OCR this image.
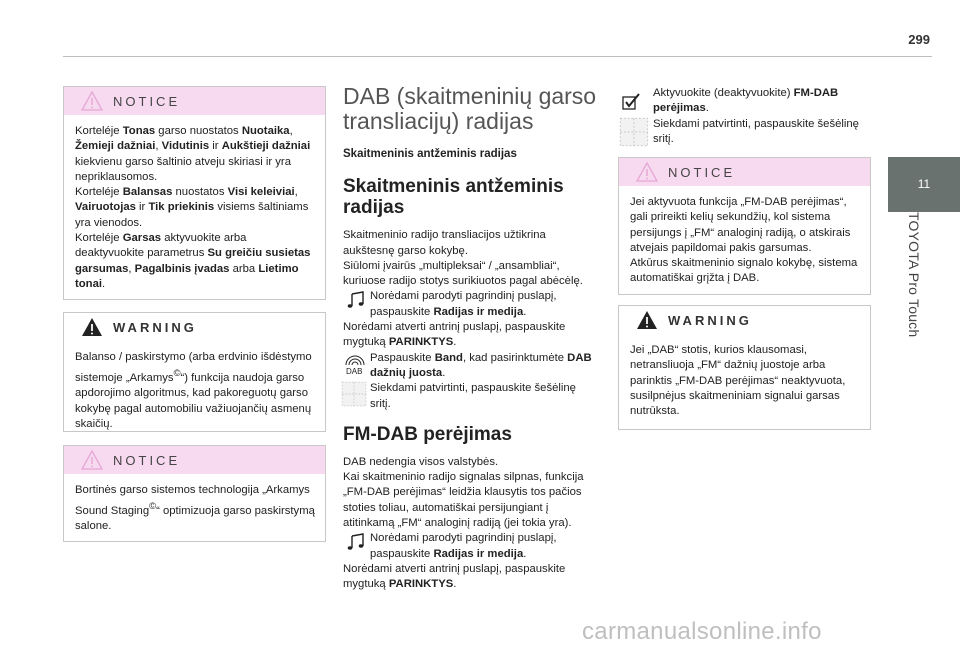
299
11
TOYOTA Pro Touch
NOTICE
Korteléje Tonas garso nuostatos Nuotaika, Žemieji dažniai, Vidutinis ir Aukštieji dažniai kiekvienu garso šaltinio atveju skiriasi ir yra nepriklausomos.
Korteléje Balansas nuostatos Visi keleiviai, Vairuotojas ir Tik priekinis visiems šaltiniams yra vienodos.
Korteléje Garsas aktyvuokite arba deaktyvuokite parametrus Su greičiu susietas garsumas, Pagalbinis įvadas arba Lietimo tonai.
WARNING
Balanso / paskirstymo (arba erdvinio išdėstymo sistemoje „Arkamys©“) funkcija naudoja garso apdorojimo algoritmus, kad pakoreguotų garso kokybę pagal automobiliu važiuojančių asmenų skaičių.
NOTICE
Bortinės garso sistemos technologija „Arkamys Sound Staging©“ optimizuoja garso paskirstymą salone.
DAB (skaitmeninių garso transliacijų) radijas
Skaitmeninis antžeminis radijas
Skaitmeninis antžeminis radijas
Skaitmeninio radijo transliacijos užtikrina aukštesnę garso kokybę.
Siūlomi įvairūs „multipleksai“ / „ansambliai“, kuriuose radijo stotys surikiuotos pagal abėcėlę.
Norėdami parodyti pagrindinį puslapį, paspauskite Radijas ir medija.
Norėdami atverti antrinį puslapį, paspauskite mygtuką PARINKTYS.
DAB
Paspauskite Band, kad pasirinktumėte DAB dažnių juosta.
Siekdami patvirtinti, paspauskite šešėlinę sritį.
FM-DAB perėjimas
DAB nedengia visos valstybės.
Kai skaitmeninio radijo signalas silpnas, funkcija „FM-DAB perėjimas“ leidžia klausytis tos pačios stoties toliau, automatiškai persijungiant į atitinkamą „FM“ analoginį radiją (jei tokia yra).
Norėdami parodyti pagrindinį puslapį, paspauskite Radijas ir medija.
Norėdami atverti antrinį puslapį, paspauskite mygtuką PARINKTYS.
Aktyvuokite (deaktyvuokite) FM-DAB perėjimas.
Siekdami patvirtinti, paspauskite šešėlinę sritį.
NOTICE
Jei aktyvuota funkcija „FM-DAB perėjimas“, gali prireikti kelių sekundžių, kol sistema persijungs į „FM“ analoginį radiją, o atskirais atvejais papildomai pakis garsumas.
Atkūrus skaitmeninio signalo kokybę, sistema automatiškai grįžta į DAB.
WARNING
Jei „DAB“ stotis, kurios klausomasi, netransliuoja „FM“ dažnių juostoje arba parinktis „FM-DAB perėjimas“ neaktyvuota, susilpnėjus skaitmeniniam signalui garsas nutrūksta.
carmanualsonline.info
